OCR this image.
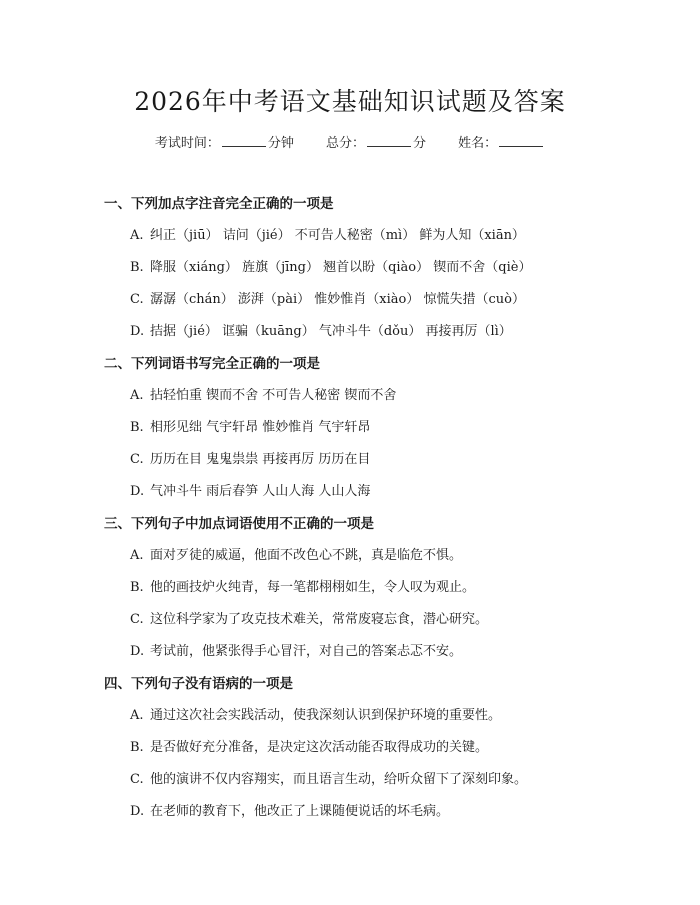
2026年中考语文基础知识试题及答案
考试时间：	分钟 总分：	分 姓名：
一、下列加点字注音完全正确的一项是
A. 纠正（jiū） 诘问（jié） 不可告人秘密（mì） 鲜为人知（xiān）
B. 降服（xiáng） 旌旗（jīng） 翘首以盼（qiào） 锲而不舍（qiè）
C. 潺潺（chán） 澎湃（pài） 惟妙惟肖（xiào） 惊慌失措（cuò）
D. 拮据（jié） 诓骗（kuāng） 气冲斗牛（dǒu） 再接再厉（lì）
二、下列词语书写完全正确的一项是
A. 拈轻怕重 锲而不舍 不可告人秘密 锲而不舍
B. 相形见绌 气宇轩昂 惟妙惟肖 气宇轩昂
C. 历历在目 鬼鬼祟祟 再接再厉 历历在目
D. 气冲斗牛 雨后春笋 人山人海 人山人海
三、下列句子中加点词语使用不正确的一项是
A. 面对歹徒的威逼，他面不改色心不跳，真是临危不惧。
B. 他的画技炉火纯青，每一笔都栩栩如生，令人叹为观止。
C. 这位科学家为了攻克技术难关，常常废寝忘食，潜心研究。
D. 考试前，他紧张得手心冒汗，对自己的答案忐忑不安。
四、下列句子没有语病的一项是
A. 通过这次社会实践活动，使我深刻认识到保护环境的重要性。
B. 是否做好充分准备，是决定这次活动能否取得成功的关键。
C. 他的演讲不仅内容翔实，而且语言生动，给听众留下了深刻印象。
D. 在老师的教育下，他改正了上课随便说话的坏毛病。
